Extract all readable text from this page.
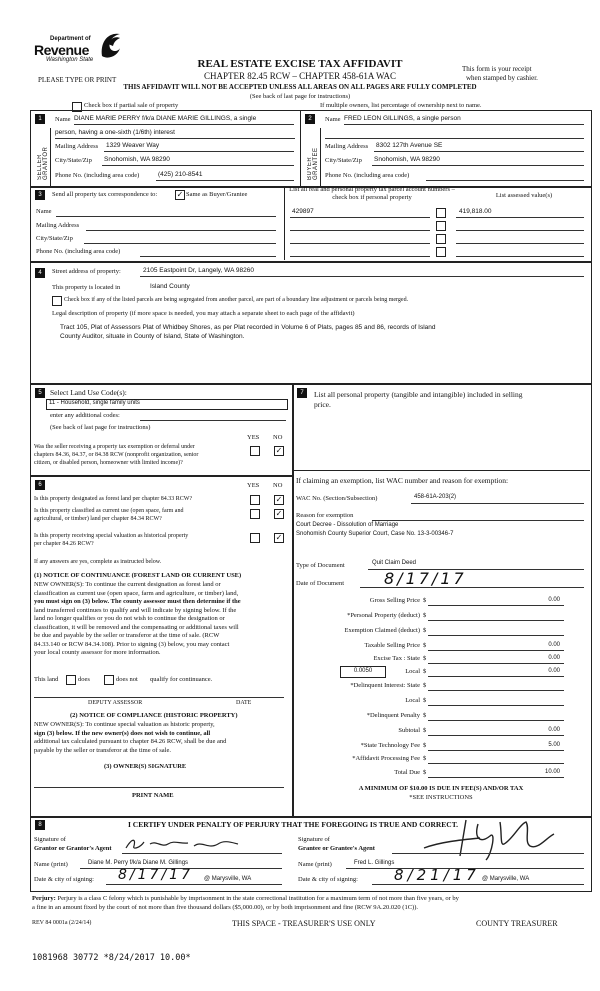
Department of
Revenue
Washington State
PLEASE TYPE OR PRINT
REAL ESTATE EXCISE TAX AFFIDAVIT
CHAPTER 82.45 RCW – CHAPTER 458-61A WAC
THIS AFFIDAVIT WILL NOT BE ACCEPTED UNLESS ALL AREAS ON ALL PAGES ARE FULLY COMPLETED
(See back of last page for instructions)
This form is your receipt
when stamped by cashier.
Check box if partial sale of property	If multiple owners, list percentage of ownership next to name.
1
SELLER GRANTOR
Name DIANE MARIE PERRY f/k/a DIANE MARIE GILLINGS, a single
person, having a one-sixth (1/6th) interest
Mailing Address 1329 Weaver Way
City/State/Zip Snohomish, WA 98290
Phone No. (including area code)	(425) 210-8541
2
BUYER GRANTEE
Name FRED LEON GILLINGS, a single person
Mailing Address 8302 127th Avenue SE
City/State/Zip Snohomish, WA 98290
Phone No. (including area code)
3	Send all property tax correspondence to: ✓ Same as Buyer/Grantee
Name
Mailing Address
City/State/Zip
Phone No. (including area code)
List all real and personal property tax parcel account numbers – check box if personal property	List assessed value(s)
429897	419,818.00
4	Street address of property:	2105 Eastpoint Dr, Langely, WA 98260
This property is located in	Island County
Check box if any of the listed parcels are being segregated from another parcel, are part of a boundary line adjustment or parcels being merged.
Legal description of property (if more space is needed, you may attach a separate sheet to each page of the affidavit)
Tract 105, Plat of Assessors Plat of Whidbey Shores, as per Plat recorded in Volume 6 of Plats, pages 85 and 86, records of Island
County Auditor, situate in County of Island, State of Washington.
5	Select Land Use Code(s):
11 - Household, single family units
enter any additional codes:
(See back of last page for instructions)
YES NO
Was the seller receiving a property tax exemption or deferral under
chapters 84.36, 84.37, or 84.38 RCW (nonprofit organization, senior
citizen, or disabled person, homeowner with limited income)?
✓
6	YES NO
Is this property designated as forest land per chapter 84.33 RCW?	✓
Is this property classified as current use (open space, farm and
agricultural, or timber) land per chapter 84.34 RCW?
✓
Is this property receiving special valuation as historical property
per chapter 84.26 RCW?
✓
If any answers are yes, complete as instructed below.
(1) NOTICE OF CONTINUANCE (FOREST LAND OR CURRENT USE)
NEW OWNER(S): To continue the current designation as forest land or
classification as current use (open space, farm and agriculture, or timber) land,
you must sign on (3) below. The county assessor must then determine if the
land transferred continues to qualify and will indicate by signing below. If the
land no longer qualifies or you do not wish to continue the designation or
classification, it will be removed and the compensating or additional taxes will
be due and payable by the seller or transferor at the time of sale. (RCW
84.33.140 or RCW 84.34.108). Prior to signing (3) below, you may contact
your local county assessor for more information.
This land	does	does not qualify for continuance.
DEPUTY ASSESSOR	DATE
(2) NOTICE OF COMPLIANCE (HISTORIC PROPERTY)
NEW OWNER(S): To continue special valuation as historic property,
sign (3) below. If the new owner(s) does not wish to continue, all
additional tax calculated pursuant to chapter 84.26 RCW, shall be due and
payable by the seller or transferor at the time of sale.
(3) OWNER(S) SIGNATURE
PRINT NAME
7	List all personal property (tangible and intangible) included in selling
price.
If claiming an exemption, list WAC number and reason for exemption:
WAC No. (Section/Subsection)	458-61A-203(2)
Reason for exemption
Court Decree - Dissolution of Marriage
Snohomish County Superior Court, Case No. 13-3-00346-7
Type of Document	Quit Claim Deed
Date of Document 8/17/17
Gross Selling Price $	0.00
*Personal Property (deduct) $
Exemption Claimed (deduct) $
Taxable Selling Price $	0.00
Excise Tax : State $	0.00
0.0050	Local $	0.00
*Delinquent Interest: State $
Local $
*Delinquent Penalty $
Subtotal $	0.00
*State Technology Fee $	5.00
*Affidavit Processing Fee $
Total Due $	10.00
A MINIMUM OF $10.00 IS DUE IN FEE(S) AND/OR TAX
*SEE INSTRUCTIONS
8	I CERTIFY UNDER PENALTY OF PERJURY THAT THE FOREGOING IS TRUE AND CORRECT.
Signature of
Grantor or Grantor's Agent
Name (print)	Diane M. Perry f/k/a Diane M. Gillings
Date & city of signing: 8/17/17 @ Marysville, WA
Signature of
Grantee or Grantee's Agent
Name (print)	Fred L. Gillings
Date & city of signing: 8/21/17 @ Marysville, WA
Perjury: Perjury is a class C felony which is punishable by imprisonment in the state correctional institution for a maximum term of not more than five years, or by
a fine in an amount fixed by the court of not more than five thousand dollars ($5,000.00), or by both imprisonment and fine (RCW 9A.20.020 (1C)).
REV 84 0001a (2/24/14)	THIS SPACE - TREASURER'S USE ONLY	COUNTY TREASURER
1081968 30772 *8/24/2017 10.00*
